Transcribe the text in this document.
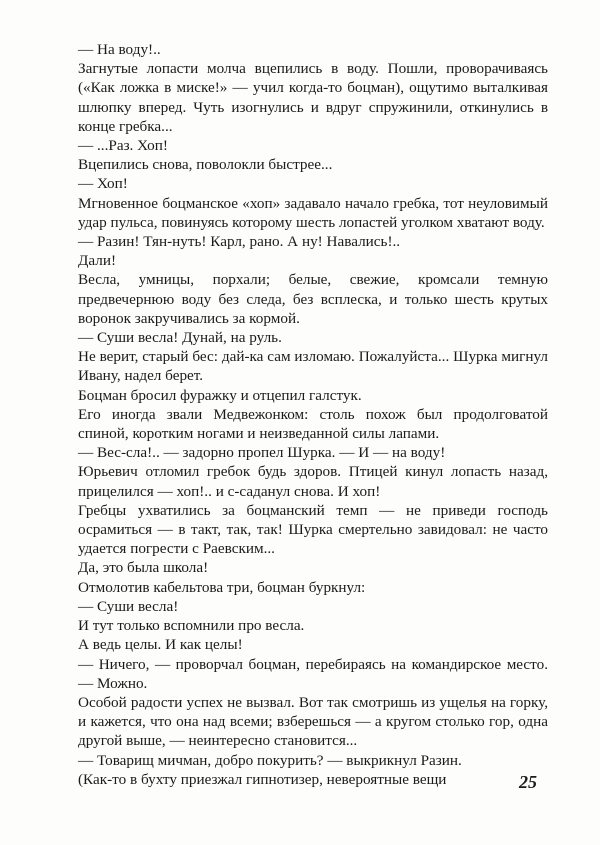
— На воду!..

Загнутые лопасти молча вцепились в воду. Пошли, проворачиваясь («Как ложка в миске!» — учил когда-то боцман), ощутимо выталкивая шлюпку вперед. Чуть изогнулись и вдруг спружинили, откинулись в конце гребка...

— ...Раз. Хоп!

Вцепились снова, поволокли быстрее...

— Хоп!

Мгновенное боцманское «хоп» задавало начало гребка, тот неуловимый удар пульса, повинуясь которому шесть лопастей уголком хватают воду.

— Разин! Тян-нуть! Карл, рано. А ну! Навались!..

Дали!

Весла, умницы, порхали; белые, свежие, кромсали темную предвечернюю воду без следа, без всплеска, и только шесть крутых воронок закручивались за кормой.

— Суши весла! Дунай, на руль.

Не верит, старый бес: дай-ка сам изломаю. Пожалуйста... Шурка мигнул Ивану, надел берет.

Боцман бросил фуражку и отцепил галстук.

Его иногда звали Медвежонком: столь похож был продолговатой спиной, коротким ногами и неизведанной силы лапами.

— Вес-сла!.. — задорно пропел Шурка. — И — на воду!

Юрьевич отломил гребок будь здоров. Птицей кинул лопасть назад, прицелился — хоп!.. и с-саданул снова. И хоп!

Гребцы ухватились за боцманский темп — не приведи господь осрамиться — в такт, так, так! Шурка смертельно завидовал: не часто удается погрести с Раевским...

Да, это была школа!

Отмолотив кабельтова три, боцман буркнул:

— Суши весла!

И тут только вспомнили про весла.

А ведь целы. И как целы!

— Ничего, — проворчал боцман, перебираясь на командирское место. — Можно.

Особой радости успех не вызвал. Вот так смотришь из ущелья на горку, и кажется, что она над всеми; взберешься — а кругом столько гор, одна другой выше, — неинтересно становится...

— Товарищ мичман, добро покурить? — выкрикнул Разин.

(Как-то в бухту приезжал гипнотизер, невероятные вещи	25
